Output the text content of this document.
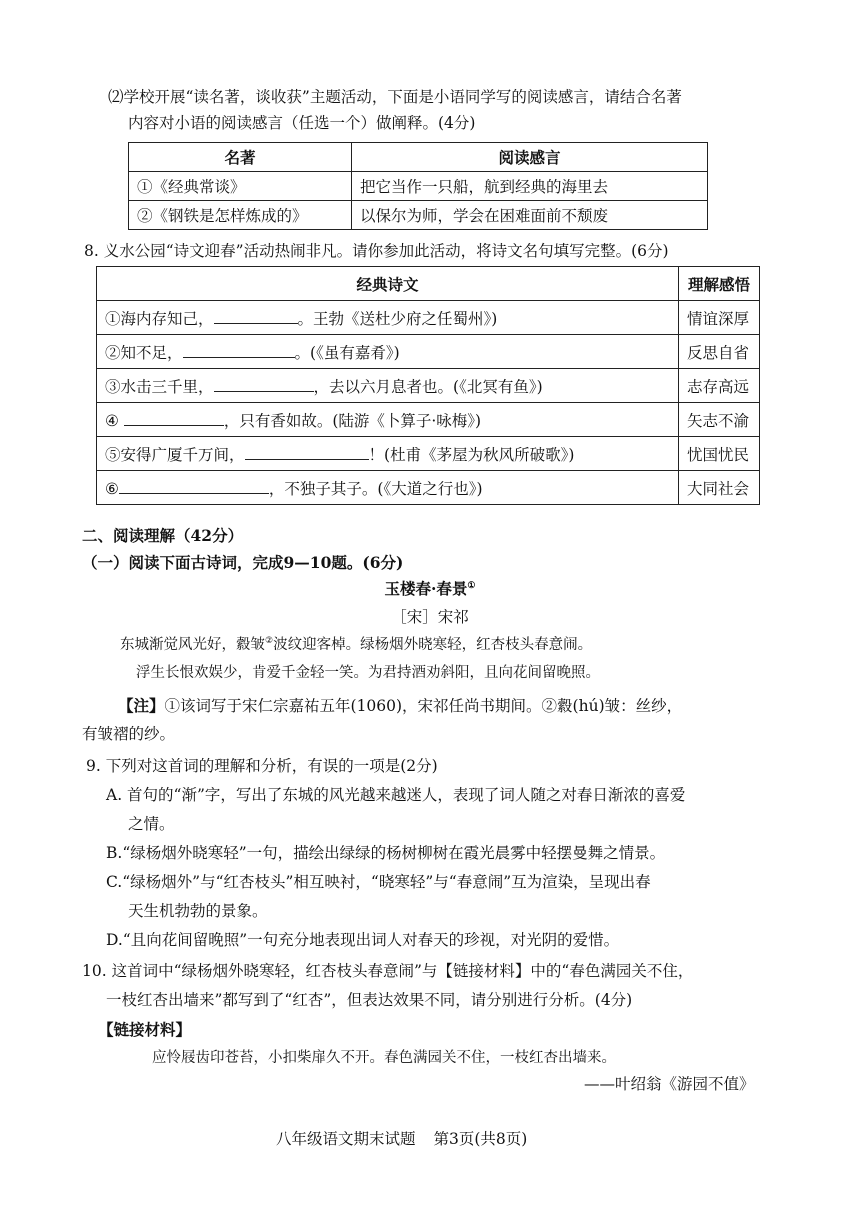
⑵学校开展“读名著，谈收获”主题活动，下面是小语同学写的阅读感言，请结合名著
内容对小语的阅读感言（任选一个）做阐释。(4分)
名著	阅读感言
①《经典常谈》	把它当作一只船，航到经典的海里去
②《钢铁是怎样炼成的》	以保尔为师，学会在困难面前不颓废
8. 义水公园“诗文迎春”活动热闹非凡。请你参加此活动，将诗文名句填写完整。(6分)
经典诗文	理解感悟
①海内存知己， 。王勃《送杜少府之任蜀州》)	情谊深厚
②知不足， 。(《虽有嘉肴》)	反思自省
③水击三千里， ，去以六月息者也。(《北冥有鱼》)	志存高远
④ ，只有香如故。(陆游《卜算子·咏梅》)	矢志不渝
⑤安得广厦千万间， ！(杜甫《茅屋为秋风所破歌》)	忧国忧民
⑥ ，不独子其子。(《大道之行也》)	大同社会
二、阅读理解（42分）
（一）阅读下面古诗词，完成9—10题。(6分)
玉楼春·春景①
［宋］宋祁
东城渐觉风光好，縠皱②波纹迎客棹。绿杨烟外晓寒轻，红杏枝头春意闹。
浮生长恨欢娱少，肯爱千金轻一笑。为君持酒劝斜阳，且向花间留晚照。
【注】①该词写于宋仁宗嘉祐五年(1060)，宋祁任尚书期间。②縠(hú)皱：丝纱，
有皱褶的纱。
9. 下列对这首词的理解和分析，有误的一项是(2分)
A. 首句的“渐”字，写出了东城的风光越来越迷人，表现了词人随之对春日渐浓的喜爱
之情。
B.“绿杨烟外晓寒轻”一句，描绘出绿绿的杨树柳树在霞光晨雾中轻摆曼舞之情景。
C.“绿杨烟外”与“红杏枝头”相互映衬，“晓寒轻”与“春意闹”互为渲染，呈现出春
天生机勃勃的景象。
D.“且向花间留晚照”一句充分地表现出词人对春天的珍视，对光阴的爱惜。
10. 这首词中“绿杨烟外晓寒轻，红杏枝头春意闹”与【链接材料】中的“春色满园关不住，
一枝红杏出墙来”都写到了“红杏”，但表达效果不同，请分别进行分析。(4分)
【链接材料】
应怜屐齿印苍苔，小扣柴扉久不开。春色满园关不住，一枝红杏出墙来。
——叶绍翁《游园不值》
八年级语文期末试题 第3页(共8页)
